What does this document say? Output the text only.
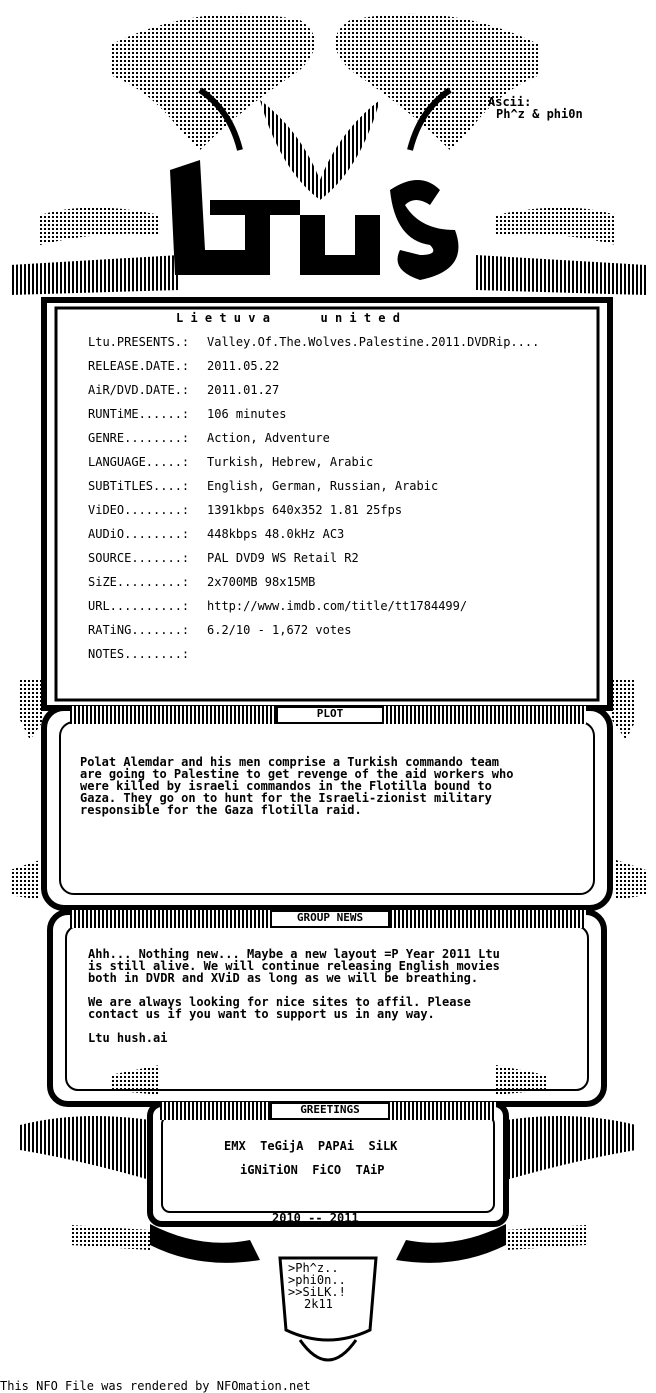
Ascii:
Ph^z & phi0n
L i e t u v a       u n i t e d
Ltu.PRESENTS.: Valley.Of.The.Wolves.Palestine.2011.DVDRip....
RELEASE.DATE.: 2011.05.22
AiR/DVD.DATE.: 2011.01.27
RUNTiME......: 106 minutes
GENRE........: Action, Adventure
LANGUAGE.....: Turkish, Hebrew, Arabic
SUBTiTLES....: English, German, Russian, Arabic
ViDEO........: 1391kbps 640x352 1.81 25fps
AUDiO........: 448kbps 48.0kHz AC3
SOURCE.......: PAL DVD9 WS Retail R2
SiZE.........: 2x700MB 98x15MB
URL..........: http://www.imdb.com/title/tt1784499/
RATiNG.......: 6.2/10 - 1,672 votes
NOTES........:
PLOT
Polat Alemdar and his men comprise a Turkish commando team
are going to Palestine to get revenge of the aid workers who
were killed by israeli commandos in the Flotilla bound to
Gaza. They go on to hunt for the Israeli-zionist military
responsible for the Gaza flotilla raid.
GROUP NEWS
Ahh... Nothing new... Maybe a new layout =P Year 2011 Ltu
is still alive. We will continue releasing English movies
both in DVDR and XViD as long as we will be breathing.
We are always looking for nice sites to affil. Please
contact us if you want to support us in any way.
Ltu hush.ai
GREETINGS
EMX  TeGijA  PAPAi  SiLK
iGNiTiON  FiCO  TAiP
2010 -- 2011
>Ph^z..
>phi0n..
>>SiLK.!
2k11
This NFO File was rendered by NFOmation.net
